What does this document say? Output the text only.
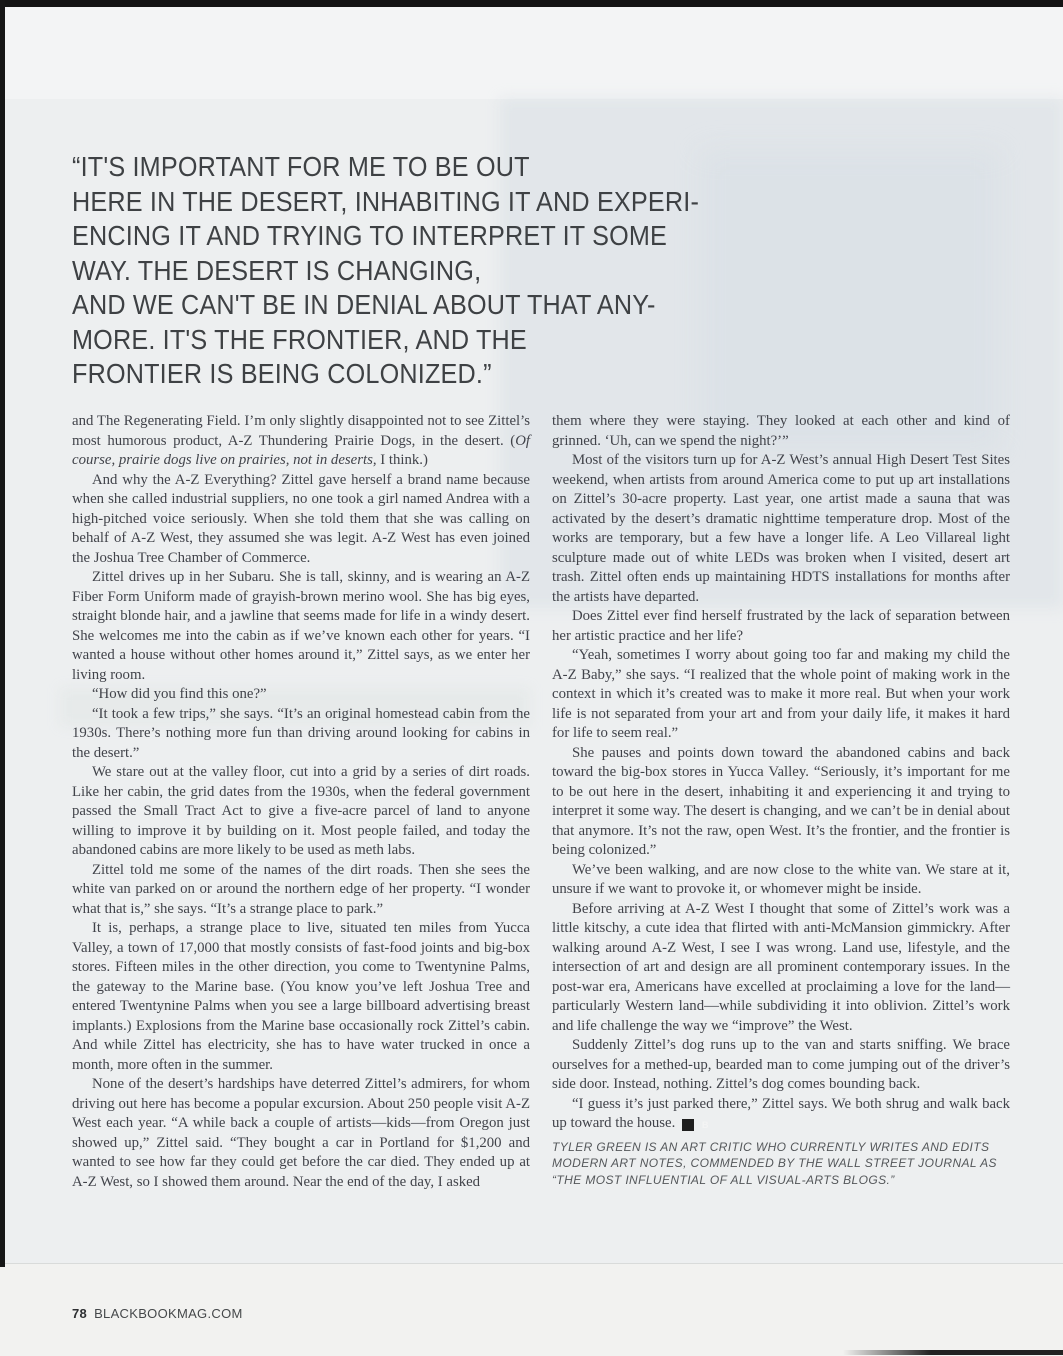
“IT'S IMPORTANT FOR ME TO BE OUT
HERE IN THE DESERT, INHABITING IT AND EXPERI-
ENCING IT AND TRYING TO INTERPRET IT SOME
WAY. THE DESERT IS CHANGING,
AND WE CAN'T BE IN DENIAL ABOUT THAT ANY-
MORE. IT'S THE FRONTIER, AND THE
FRONTIER IS BEING COLONIZED.”

and The Regenerating Field. I’m only slightly disappointed not to see Zittel’s most humorous product, A-Z Thundering Prairie Dogs, in the desert. (Of course, prairie dogs live on prairies, not in deserts, I think.)

And why the A-Z Everything? Zittel gave herself a brand name because when she called industrial suppliers, no one took a girl named Andrea with a high-pitched voice seriously. When she told them that she was calling on behalf of A-Z West, they assumed she was legit. A-Z West has even joined the Joshua Tree Chamber of Commerce.

Zittel drives up in her Subaru. She is tall, skinny, and is wearing an A-Z Fiber Form Uniform made of grayish-brown merino wool. She has big eyes, straight blonde hair, and a jawline that seems made for life in a windy desert. She welcomes me into the cabin as if we’ve known each other for years. “I wanted a house without other homes around it,” Zittel says, as we enter her living room.

“How did you find this one?”

“It took a few trips,” she says. “It’s an original homestead cabin from the 1930s. There’s nothing more fun than driving around looking for cabins in the desert.”

We stare out at the valley floor, cut into a grid by a series of dirt roads. Like her cabin, the grid dates from the 1930s, when the federal government passed the Small Tract Act to give a five-acre parcel of land to anyone willing to improve it by building on it. Most people failed, and today the abandoned cabins are more likely to be used as meth labs.

Zittel told me some of the names of the dirt roads. Then she sees the white van parked on or around the northern edge of her property. “I wonder what that is,” she says. “It’s a strange place to park.”

It is, perhaps, a strange place to live, situated ten miles from Yucca Valley, a town of 17,000 that mostly consists of fast-food joints and big-box stores. Fifteen miles in the other direction, you come to Twentynine Palms, the gateway to the Marine base. (You know you’ve left Joshua Tree and entered Twentynine Palms when you see a large billboard advertising breast implants.) Explosions from the Marine base occasionally rock Zittel’s cabin. And while Zittel has electricity, she has to have water trucked in once a month, more often in the summer.

None of the desert’s hardships have deterred Zittel’s admirers, for whom driving out here has become a popular excursion. About 250 people visit A-Z West each year. “A while back a couple of artists—kids—from Oregon just showed up,” Zittel said. “They bought a car in Portland for $1,200 and wanted to see how far they could get before the car died. They ended up at A-Z West, so I showed them around. Near the end of the day, I asked

them where they were staying. They looked at each other and kind of grinned. ‘Uh, can we spend the night?’”

Most of the visitors turn up for A-Z West’s annual High Desert Test Sites weekend, when artists from around America come to put up art installations on Zittel’s 30-acre property. Last year, one artist made a sauna that was activated by the desert’s dramatic nighttime temperature drop. Most of the works are temporary, but a few have a longer life. A Leo Villareal light sculpture made out of white LEDs was broken when I visited, desert art trash. Zittel often ends up maintaining HDTS installations for months after the artists have departed.

Does Zittel ever find herself frustrated by the lack of separation between her artistic practice and her life?

“Yeah, sometimes I worry about going too far and making my child the A-Z Baby,” she says. “I realized that the whole point of making work in the context in which it’s created was to make it more real. But when your work life is not separated from your art and from your daily life, it makes it hard for life to seem real.”

She pauses and points down toward the abandoned cabins and back toward the big-box stores in Yucca Valley. “Seriously, it’s important for me to be out here in the desert, inhabiting it and experiencing it and trying to interpret it some way. The desert is changing, and we can’t be in denial about that anymore. It’s not the raw, open West. It’s the frontier, and the frontier is being colonized.”

We’ve been walking, and are now close to the white van. We stare at it, unsure if we want to provoke it, or whomever might be inside.

Before arriving at A-Z West I thought that some of Zittel’s work was a little kitschy, a cute idea that flirted with anti-McMansion gimmickry. After walking around A-Z West, I see I was wrong. Land use, lifestyle, and the intersection of art and design are all prominent contemporary issues. In the post-war era, Americans have excelled at proclaiming a love for the land—particularly Western land—while subdividing it into oblivion. Zittel’s work and life challenge the way we “improve” the West.

Suddenly Zittel’s dog runs up to the van and starts sniffing. We brace ourselves for a methed-up, bearded man to come jumping out of the driver’s side door. Instead, nothing. Zittel’s dog comes bounding back.

“I guess it’s just parked there,” Zittel says. We both shrug and walk back up toward the house.	B

TYLER GREEN IS AN ART CRITIC WHO CURRENTLY WRITES AND EDITS MODERN ART NOTES, COMMENDED BY THE WALL STREET JOURNAL AS “THE MOST INFLUENTIAL OF ALL VISUAL-ARTS BLOGS.”
78 BLACKBOOKMAG.COM
